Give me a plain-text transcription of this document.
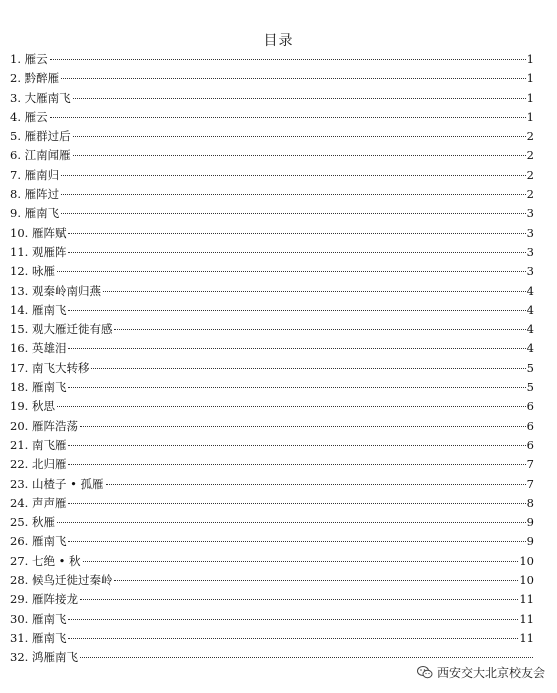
目录
1. 雁云	1
2. 黔醉雁	1
3. 大雁南飞	1
4. 雁云	1
5. 雁群过后	2
6. 江南闻雁	2
7. 雁南归	2
8. 雁阵过	2
9. 雁南飞	3
10. 雁阵赋	3
11. 观雁阵	3
12. 咏雁	3
13. 观秦岭南归燕	4
14. 雁南飞	4
15. 观大雁迁徙有感	4
16. 英雄泪	4
17. 南飞大转移	5
18. 雁南飞	5
19. 秋思	6
20. 雁阵浩荡	6
21. 南飞雁	6
22. 北归雁	7
23. 山楂子 • 孤雁	7
24. 声声雁	8
25. 秋雁	9
26. 雁南飞	9
27. 七绝 • 秋	10
28. 候鸟迁徙过秦岭	10
29. 雁阵接龙	11
30. 雁南飞	11
31. 雁南飞	11
32. 鸿雁南飞
西安交大北京校友会
